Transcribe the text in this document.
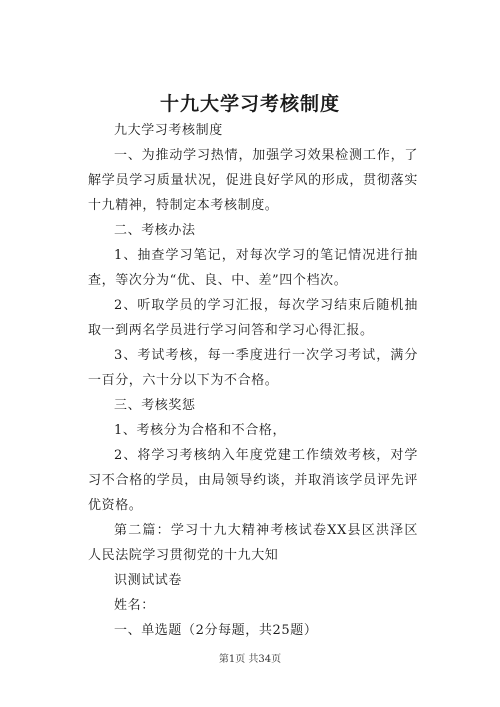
十九大学习考核制度

九大学习考核制度

一、为推动学习热情，加强学习效果检测工作，了解学员学习质量状况，促进良好学风的形成，贯彻落实十九精神，特制定本考核制度。

二、考核办法

1、抽查学习笔记，对每次学习的笔记情况进行抽查，等次分为“优、良、中、差”四个档次。

2、听取学员的学习汇报，每次学习结束后随机抽取一到两名学员进行学习问答和学习心得汇报。

3、考试考核，每一季度进行一次学习考试，满分一百分，六十分以下为不合格。

三、考核奖惩

1、考核分为合格和不合格，

2、将学习考核纳入年度党建工作绩效考核，对学习不合格的学员，由局领导约谈，并取消该学员评先评优资格。

第二篇：学习十九大精神考核试卷XX县区洪泽区人民法院学习贯彻党的十九大知

识测试试卷

姓名：

一、单选题（2分每题，共25题）

第1页 共34页
